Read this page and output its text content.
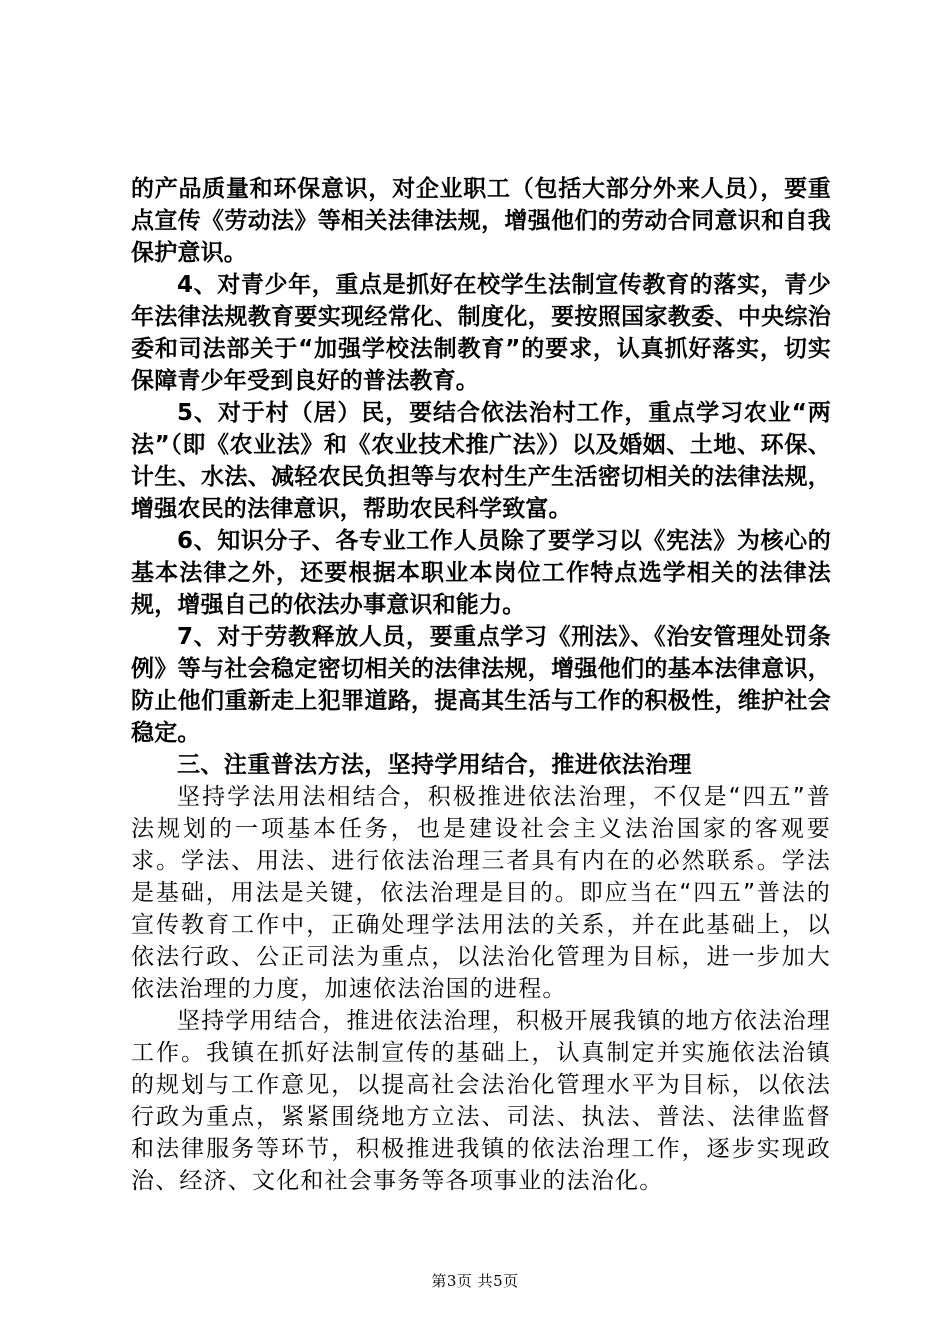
的产品质量和环保意识，对企业职工（包括大部分外来人员），要重点宣传《劳动法》等相关法律法规，增强他们的劳动合同意识和自我保护意识。

4、对青少年，重点是抓好在校学生法制宣传教育的落实，青少年法律法规教育要实现经常化、制度化，要按照国家教委、中央综治委和司法部关于“加强学校法制教育”的要求，认真抓好落实，切实保障青少年受到良好的普法教育。

5、对于村（居）民，要结合依法治村工作，重点学习农业“两法”（即《农业法》和《农业技术推广法》）以及婚姻、土地、环保、计生、水法、减轻农民负担等与农村生产生活密切相关的法律法规，增强农民的法律意识，帮助农民科学致富。

6、知识分子、各专业工作人员除了要学习以《宪法》为核心的基本法律之外，还要根据本职业本岗位工作特点选学相关的法律法规，增强自己的依法办事意识和能力。

7、对于劳教释放人员，要重点学习《刑法》、《治安管理处罚条例》等与社会稳定密切相关的法律法规，增强他们的基本法律意识，防止他们重新走上犯罪道路，提高其生活与工作的积极性，维护社会稳定。

三、注重普法方法，坚持学用结合，推进依法治理

坚持学法用法相结合，积极推进依法治理，不仅是“四五”普法规划的一项基本任务，也是建设社会主义法治国家的客观要求。学法、用法、进行依法治理三者具有内在的必然联系。学法是基础，用法是关键，依法治理是目的。即应当在“四五”普法的宣传教育工作中，正确处理学法用法的关系，并在此基础上，以依法行政、公正司法为重点，以法治化管理为目标，进一步加大依法治理的力度，加速依法治国的进程。

坚持学用结合，推进依法治理，积极开展我镇的地方依法治理工作。我镇在抓好法制宣传的基础上，认真制定并实施依法治镇的规划与工作意见，以提高社会法治化管理水平为目标，以依法行政为重点，紧紧围绕地方立法、司法、执法、普法、法律监督和法律服务等环节，积极推进我镇的依法治理工作，逐步实现政治、经济、文化和社会事务等各项事业的法治化。

第3页 共5页
